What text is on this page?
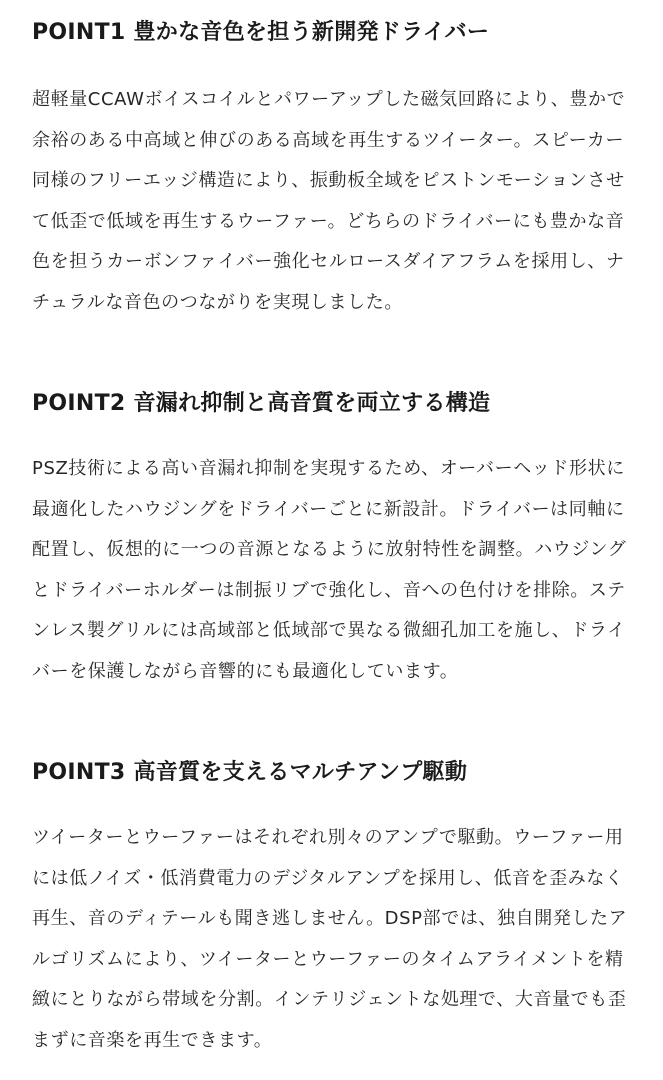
POINT1 豊かな音色を担う新開発ドライバー

超軽量CCAWボイスコイルとパワーアップした磁気回路により、豊かで余裕のある中高域と伸びのある高域を再生するツイーター。スピーカー同様のフリーエッジ構造により、振動板全域をピストンモーションさせて低歪で低域を再生するウーファー。どちらのドライバーにも豊かな音色を担うカーボンファイバー強化セルロースダイアフラムを採用し、ナチュラルな音色のつながりを実現しました。

POINT2 音漏れ抑制と高音質を両立する構造

PSZ技術による高い音漏れ抑制を実現するため、オーバーヘッド形状に最適化したハウジングをドライバーごとに新設計。ドライバーは同軸に配置し、仮想的に一つの音源となるように放射特性を調整。ハウジングとドライバーホルダーは制振リブで強化し、音への色付けを排除。ステンレス製グリルには高域部と低域部で異なる微細孔加工を施し、ドライバーを保護しながら音響的にも最適化しています。

POINT3 高音質を支えるマルチアンプ駆動

ツイーターとウーファーはそれぞれ別々のアンプで駆動。ウーファー用には低ノイズ・低消費電力のデジタルアンプを採用し、低音を歪みなく再生、音のディテールも聞き逃しません。DSP部では、独自開発したアルゴリズムにより、ツイーターとウーファーのタイムアライメントを精緻にとりながら帯域を分割。インテリジェントな処理で、大音量でも歪まずに音楽を再生できます。
